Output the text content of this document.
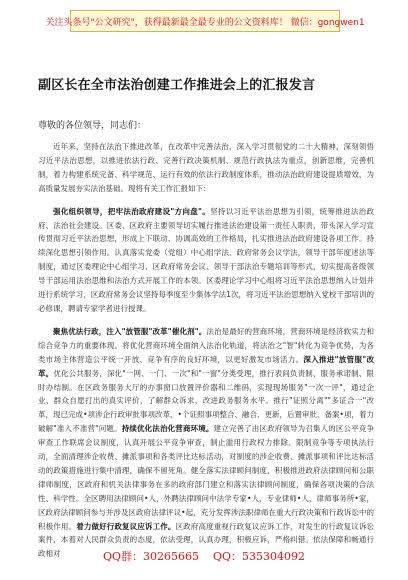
关注头条号"公文研究"，获得最新最全最专业的公文资料库！ 微信：gongwen1
副区长在全市法治创建工作推进会上的汇报发言
尊敬的各位领导，同志们：

近年来，坚持在法治下推进改革，在改革中完善法治，深入学习贯彻党的二十大精神，深刻领悟习近平法治思想，以推进依法行政、完善行政决策机制、规范行政执法为重点，创新思维，完善机制，着力构建系统完备、科学规范、运行有效的依法行政制度体系，推动法治政府建设提质增效，为高质量发展夯实法治基础。现将有关工作汇报如下：

强化组织领导，把牢法治政府建设"方向盘"。坚持以习近平法治思想为引领，统筹推进法治政府、法治社会建设。区委、区政府主要领导切实履行推进法治建设第一责任人职责，带头深入学习宣传贯彻习近平法治思想，形成上下联动、协调高效的工作格局，扎实推进法治政府建设各项工作。持续深化思想引领作用。认真落实党委（党组）中心组学法、政府常务会议学法，领导干部年度述法等制度，通过区委理论中心组学习、区政府常务会议、领导干部法治专题培训等形式，切实提高各级领导干部运用法治思维和法治方式开展工作的本领。区委理论学习中心组将习近平法治思想纳入计划并进行系统学习，区政府常务会议坚持每季度至少集体学法1次，将习近平法治思想纳入党校干部培训的必修课，聘请专家学者进行授课。

聚焦优法行政，注入"放管服"改革"催化剂"。法治是最好的营商环境，营商环境是经济软实力和综合竞争力的重要体现。将优化营商环境全面纳入法治化轨道，将法治之"智"转化为竞争优势，为各类市场主体营造公平统一开放、竞争有序的良好环境，以更好激发市场活力。深入推进"放管服"改革。优化公共服务，深化"一网、一门、一次"和"一窗"分类受理，推行表间负责制、服务承诺制、限时办结制。在区政务服务大厅的办事窗口放置评价器和二维码，实现现场服务"一次一评"，通过企业、群众自愿打出的真实评价，了解群众诉求，改进政务服务水平。推行"证照分离""多证合一"改革，现已完成•项涉企行政审批事项改革，•个证照事项整合、融合、更新，后置审批、备案•项，着力破解"准入不准营"问题。持续优化法治化营商环境。建立完善了由区政府领导为召集人的区公平竞争审查工作联席会议制度，认真开展公平竞争审查，制止滥用行政权力排除、限制竞争等专项执法行动，全面清理涉企收费、摊派事项和各类评比达标活动，对制度的涉企收费、摊派事项和评比达标活动的政策措施进行集中清理，确保不留死角。健全落实法律顾问制度，积极推进政府法律顾问和公职律师制度，区政府和机关法律事务在多的政府部门建立和落实法律顾问制度，确保各项决策的合法性、科学性。全区聘用法律顾问•人，外聘法律顾问中法学专家•人，专业律师•人，律师事务所•家，区政府法律顾问参与并涉及区政府法律评议•起，充分发挥涉法职律师在重大行政决策和行政诉讼中的积极作用。着力做好行政复议应诉工作。区政府高度重视行政复议应诉工作，对发生的行政复议诉讼案件，本着对人民群众负责的态度，依法受理，认真办理，积极应诉，严格纠错。依法保障和畅通行政相对	QQ群：30265665 QQ：535304092
